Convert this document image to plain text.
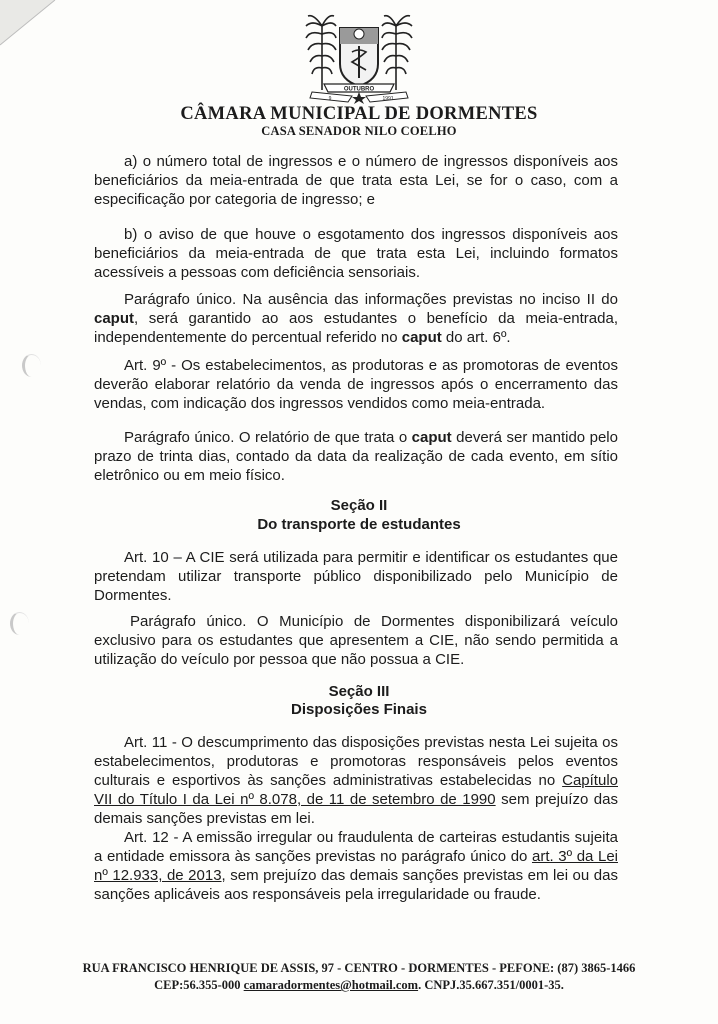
OUTUBRO
9	1991
CÂMARA MUNICIPAL DE DORMENTES
CASA SENADOR NILO COELHO
a) o número total de ingressos e o número de ingressos disponíveis aos beneficiários da meia-entrada de que trata esta Lei, se for o caso, com a especificação por categoria de ingresso; e
b) o aviso de que houve o esgotamento dos ingressos disponíveis aos beneficiários da meia-entrada de que trata esta Lei, incluindo formatos acessíveis a pessoas com deficiência sensoriais.
Parágrafo único. Na ausência das informações previstas no inciso II do caput, será garantido ao aos estudantes o benefício da meia-entrada, independentemente do percentual referido no caput do art. 6º.
Art. 9º - Os estabelecimentos, as produtoras e as promotoras de eventos deverão elaborar relatório da venda de ingressos após o encerramento das vendas, com indicação dos ingressos vendidos como meia-entrada.
Parágrafo único. O relatório de que trata o caput deverá ser mantido pelo prazo de trinta dias, contado da data da realização de cada evento, em sítio eletrônico ou em meio físico.
Seção II
Do transporte de estudantes
Art. 10 – A CIE será utilizada para permitir e identificar os estudantes que pretendam utilizar transporte público disponibilizado pelo Município de Dormentes.
Parágrafo único. O Município de Dormentes disponibilizará veículo exclusivo para os estudantes que apresentem a CIE, não sendo permitida a utilização do veículo por pessoa que não possua a CIE.
Seção III
Disposições Finais
Art. 11 - O descumprimento das disposições previstas nesta Lei sujeita os estabelecimentos, produtoras e promotoras responsáveis pelos eventos culturais e esportivos às sanções administrativas estabelecidas no Capítulo VII do Título I da Lei nº 8.078, de 11 de setembro de 1990 sem prejuízo das demais sanções previstas em lei.
Art. 12 - A emissão irregular ou fraudulenta de carteiras estudantis sujeita a entidade emissora às sanções previstas no parágrafo único do art. 3º da Lei nº 12.933, de 2013, sem prejuízo das demais sanções previstas em lei ou das sanções aplicáveis aos responsáveis pela irregularidade ou fraude.
RUA FRANCISCO HENRIQUE DE ASSIS, 97 - CENTRO - DORMENTES - PEFONE: (87) 3865-1466
CEP:56.355-000 camaradormentes@hotmail.com. CNPJ.35.667.351/0001-35.
